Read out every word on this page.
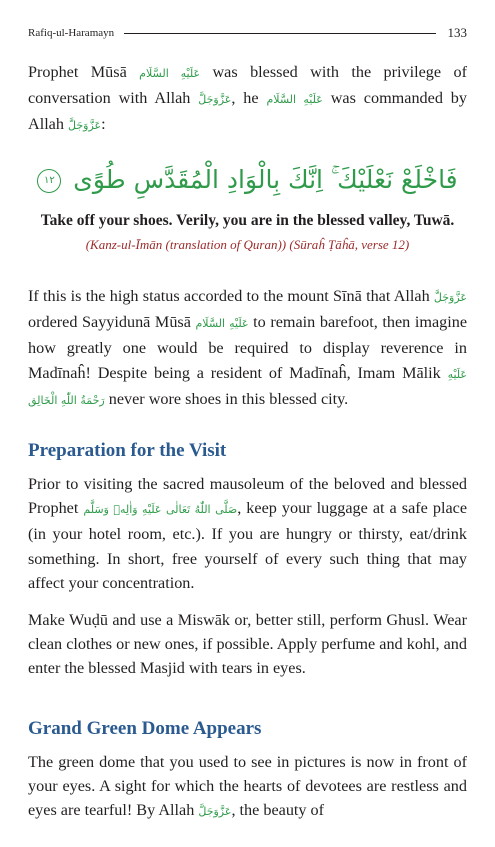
Rafiq-ul-Haramayn	133

Prophet Mūsā عَلَيْهِ السَّلَام was blessed with the privilege of conversation with Allah عَزَّوَجَلَّ, he عَلَيْهِ السَّلَام was commanded by Allah عَزَّوَجَلَّ:

فَاخْلَعْ نَعْلَيْكَ ۚ اِنَّكَ بِالْوَادِ الْمُقَدَّسِ طُوًى ١٢
Take off your shoes. Verily, you are in the blessed valley, Tuwā.
(Kanz-ul-Īmān (translation of Quran)) (Sūraĥ Ṭāĥā, verse 12)

If this is the high status accorded to the mount Sīnā that Allah عَزَّوَجَلَّ ordered Sayyidunā Mūsā عَلَيْهِ السَّلَام to remain barefoot, then imagine how greatly one would be required to display reverence in Madīnaĥ! Despite being a resident of Madīnaĥ, Imam Mālik عَلَيْهِ رَحْمَةُ اللّٰهِ الْخَالِق never wore shoes in this blessed city.

Preparation for the Visit

Prior to visiting the sacred mausoleum of the beloved and blessed Prophet صَلَّى اللّٰهُ تَعَالٰى عَلَيْهِ وَاٰلِهٖ وَسَلَّم, keep your luggage at a safe place (in your hotel room, etc.). If you are hungry or thirsty, eat/drink something. In short, free yourself of every such thing that may affect your concentration.

Make Wuḍū and use a Miswāk or, better still, perform Ghusl. Wear clean clothes or new ones, if possible. Apply perfume and kohl, and enter the blessed Masjid with tears in eyes.

Grand Green Dome Appears

The green dome that you used to see in pictures is now in front of your eyes. A sight for which the hearts of devotees are restless and eyes are tearful! By Allah عَزَّوَجَلَّ, the beauty of
